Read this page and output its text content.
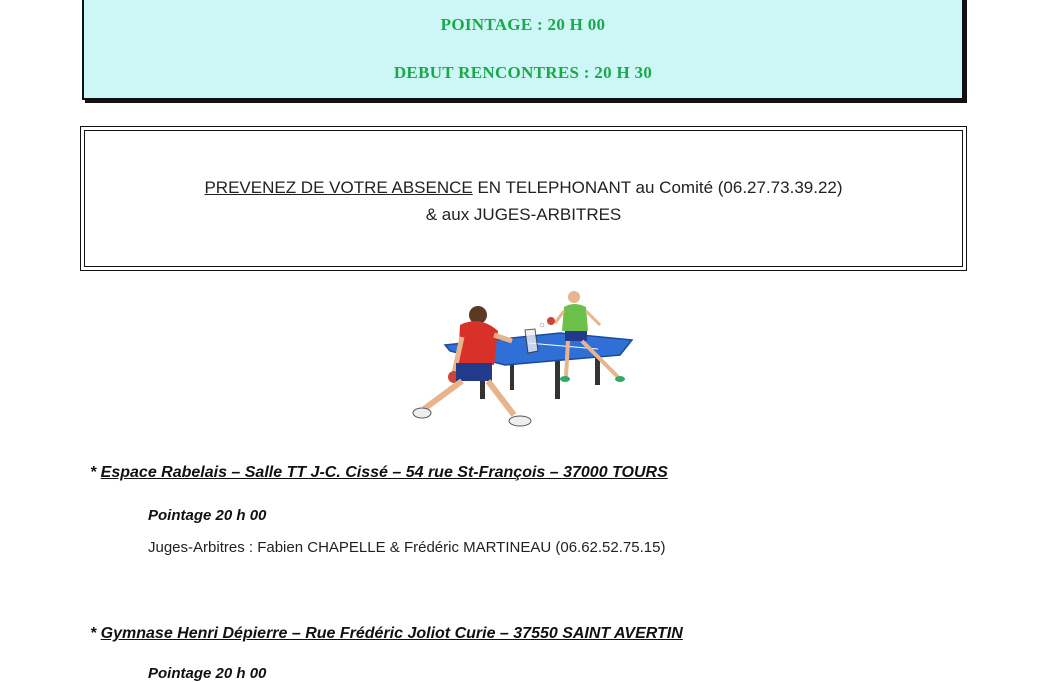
POINTAGE : 20 H 00
DEBUT RENCONTRES : 20 H 30
PREVENEZ DE VOTRE ABSENCE EN TELEPHONANT au Comité (06.27.73.39.22)
& aux JUGES-ARBITRES
* Espace Rabelais – Salle TT J-C. Cissé – 54 rue St-François – 37000 TOURS
Pointage 20 h 00
Juges-Arbitres : Fabien CHAPELLE & Frédéric MARTINEAU (06.62.52.75.15)
* Gymnase Henri Dépierre – Rue Frédéric Joliot Curie – 37550 SAINT AVERTIN
Pointage 20 h 00
